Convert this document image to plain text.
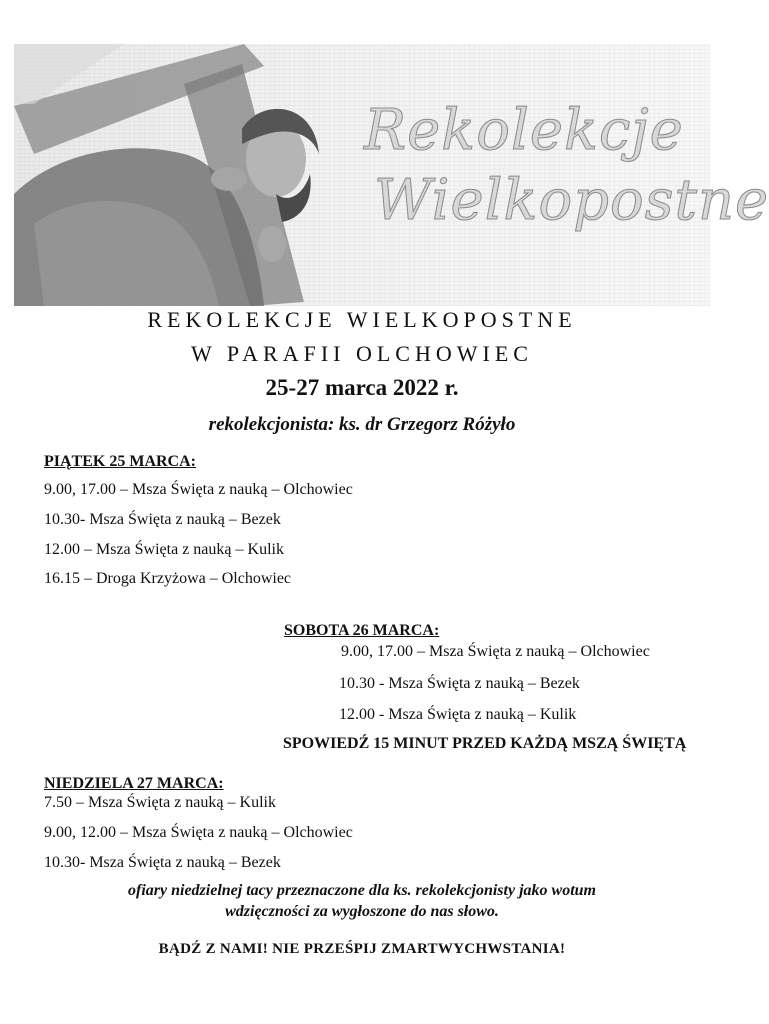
Rekolekcje
Wielkopostne
REKOLEKCJE WIELKOPOSTNE
W PARAFII OLCHOWIEC
25-27 marca 2022 r.
rekolekcjonista: ks. dr Grzegorz Różyło
PIĄTEK 25 MARCA:
9.00, 17.00 – Msza Święta z nauką – Olchowiec
10.30- Msza Święta z nauką – Bezek
12.00 – Msza Święta z nauką – Kulik
16.15 – Droga Krzyżowa – Olchowiec
SOBOTA 26 MARCA:
9.00, 17.00 – Msza Święta z nauką – Olchowiec
10.30 - Msza Święta z nauką – Bezek
12.00 - Msza Święta z nauką – Kulik
SPOWIEDŹ 15 MINUT PRZED KAŻDĄ MSZĄ ŚWIĘTĄ
NIEDZIELA 27 MARCA:
7.50 – Msza Święta z nauką – Kulik
9.00, 12.00 – Msza Święta z nauką – Olchowiec
10.30- Msza Święta z nauką – Bezek
ofiary niedzielnej tacy przeznaczone dla ks. rekolekcjonisty jako wotum
wdzięczności za wygłoszone do nas słowo.
BĄDŹ Z NAMI! NIE PRZEŚPIJ ZMARTWYCHWSTANIA!
